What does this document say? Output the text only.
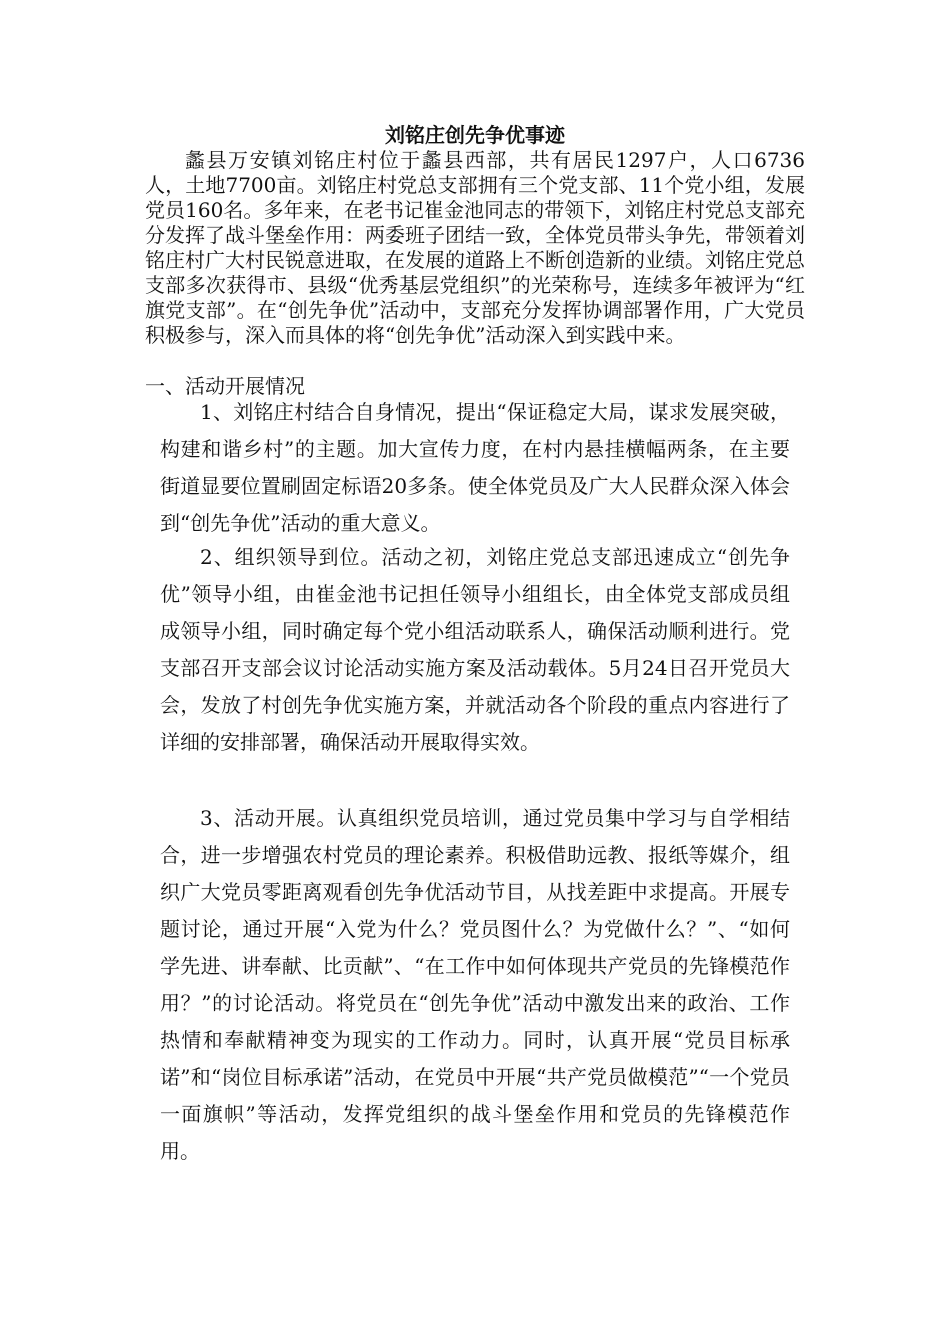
刘铭庄创先争优事迹

蠡县万安镇刘铭庄村位于蠡县西部，共有居民1297户，人口6736人，土地7700亩。刘铭庄村党总支部拥有三个党支部、11个党小组，发展党员160名。多年来，在老书记崔金池同志的带领下，刘铭庄村党总支部充分发挥了战斗堡垒作用：两委班子团结一致，全体党员带头争先，带领着刘铭庄村广大村民锐意进取，在发展的道路上不断创造新的业绩。刘铭庄党总支部多次获得市、县级“优秀基层党组织”的光荣称号，连续多年被评为“红旗党支部”。在“创先争优”活动中，支部充分发挥协调部署作用，广大党员积极参与，深入而具体的将“创先争优”活动深入到实践中来。

一、活动开展情况

1、刘铭庄村结合自身情况，提出“保证稳定大局，谋求发展突破，构建和谐乡村”的主题。加大宣传力度，在村内悬挂横幅两条，在主要街道显要位置刷固定标语20多条。使全体党员及广大人民群众深入体会到“创先争优”活动的重大意义。

2、组织领导到位。活动之初，刘铭庄党总支部迅速成立“创先争优”领导小组，由崔金池书记担任领导小组组长，由全体党支部成员组成领导小组，同时确定每个党小组活动联系人，确保活动顺利进行。党支部召开支部会议讨论活动实施方案及活动载体。5月24日召开党员大会，发放了村创先争优实施方案，并就活动各个阶段的重点内容进行了详细的安排部署，确保活动开展取得实效。

3、活动开展。认真组织党员培训，通过党员集中学习与自学相结合，进一步增强农村党员的理论素养。积极借助远教、报纸等媒介，组织广大党员零距离观看创先争优活动节目，从找差距中求提高。开展专题讨论，通过开展“入党为什么？党员图什么？为党做什么？”、“如何学先进、讲奉献、比贡献”、“在工作中如何体现共产党员的先锋模范作用？”的讨论活动。将党员在“创先争优”活动中激发出来的政治、工作热情和奉献精神变为现实的工作动力。同时，认真开展“党员目标承诺”和“岗位目标承诺”活动，在党员中开展“共产党员做模范”“一个党员一面旗帜”等活动，发挥党组织的战斗堡垒作用和党员的先锋模范作用。
